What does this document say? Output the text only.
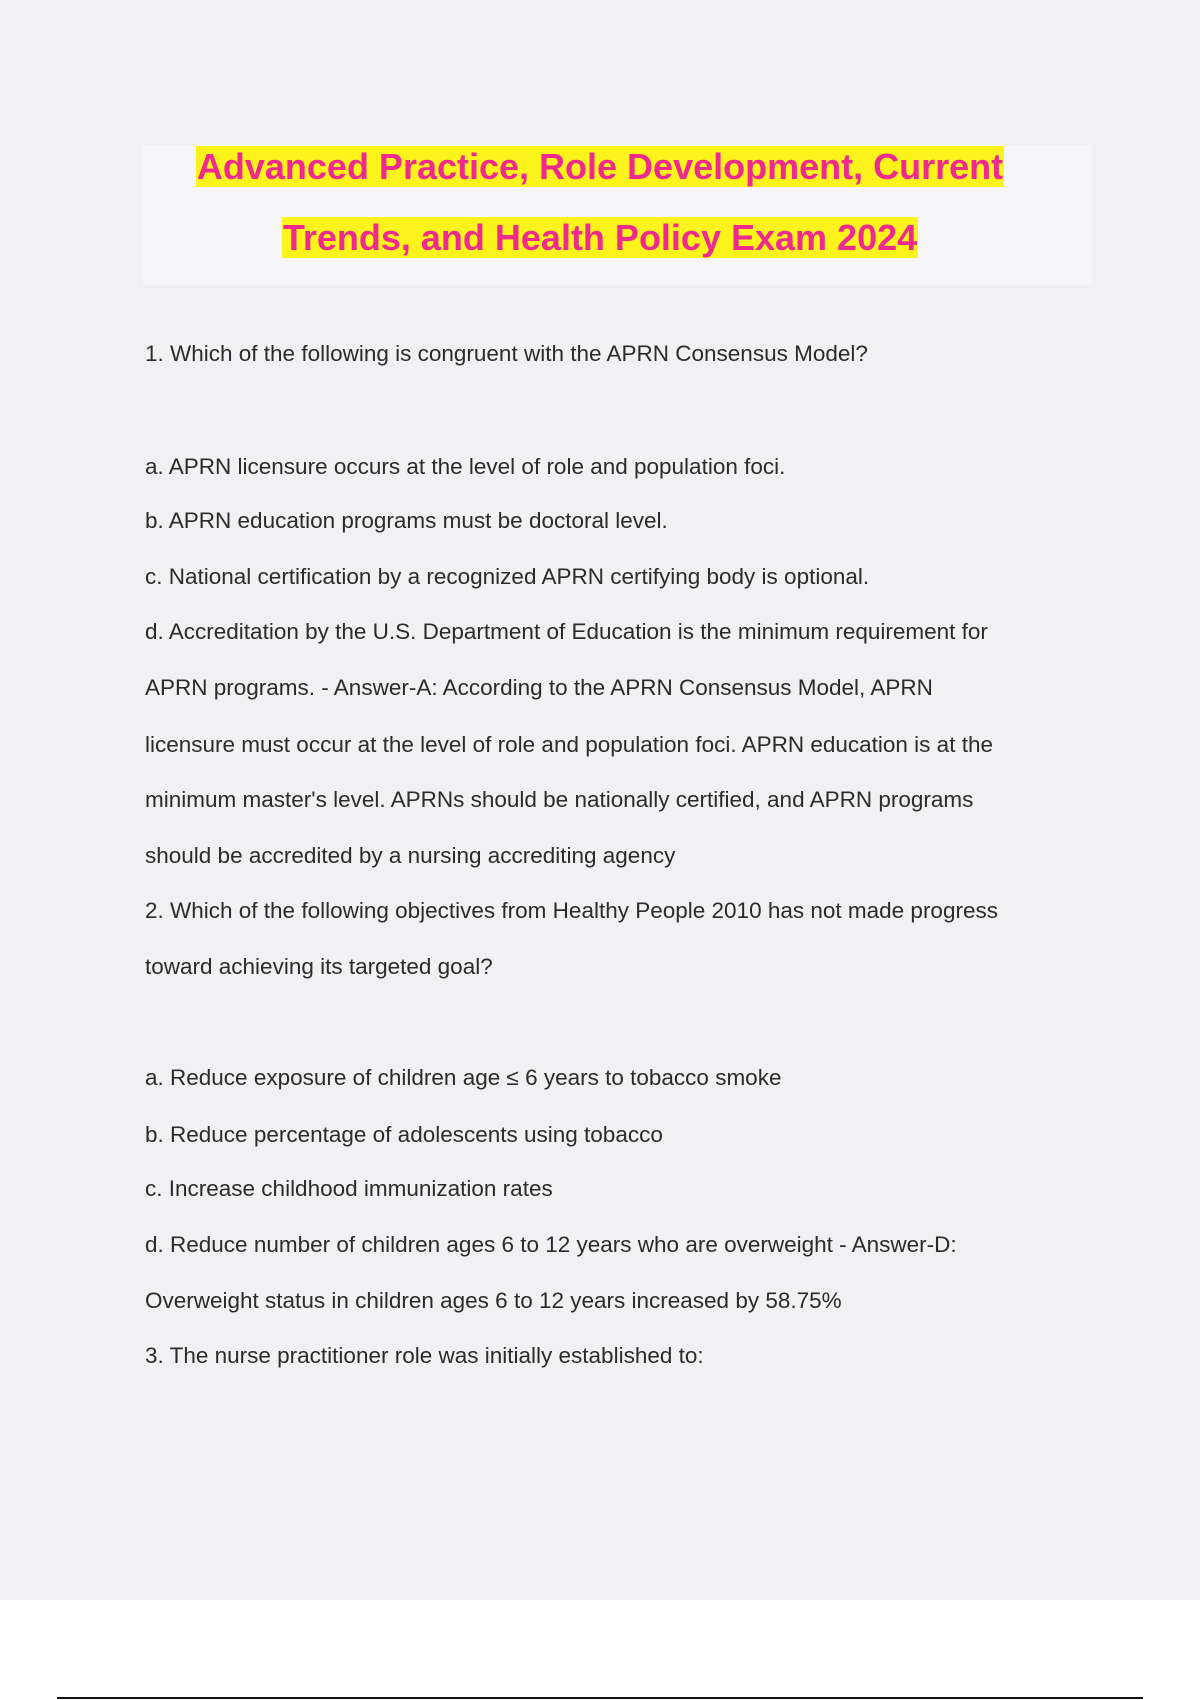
Advanced Practice, Role Development, Current
Trends, and Health Policy Exam 2024
1. Which of the following is congruent with the APRN Consensus Model?
a. APRN licensure occurs at the level of role and population foci.
b. APRN education programs must be doctoral level.
c. National certification by a recognized APRN certifying body is optional.
d. Accreditation by the U.S. Department of Education is the minimum requirement for
APRN programs. - Answer-A: According to the APRN Consensus Model, APRN
licensure must occur at the level of role and population foci. APRN education is at the
minimum master's level. APRNs should be nationally certified, and APRN programs
should be accredited by a nursing accrediting agency
2. Which of the following objectives from Healthy People 2010 has not made progress
toward achieving its targeted goal?
a. Reduce exposure of children age ≤ 6 years to tobacco smoke
b. Reduce percentage of adolescents using tobacco
c. Increase childhood immunization rates
d. Reduce number of children ages 6 to 12 years who are overweight - Answer-D:
Overweight status in children ages 6 to 12 years increased by 58.75%
3. The nurse practitioner role was initially established to:
